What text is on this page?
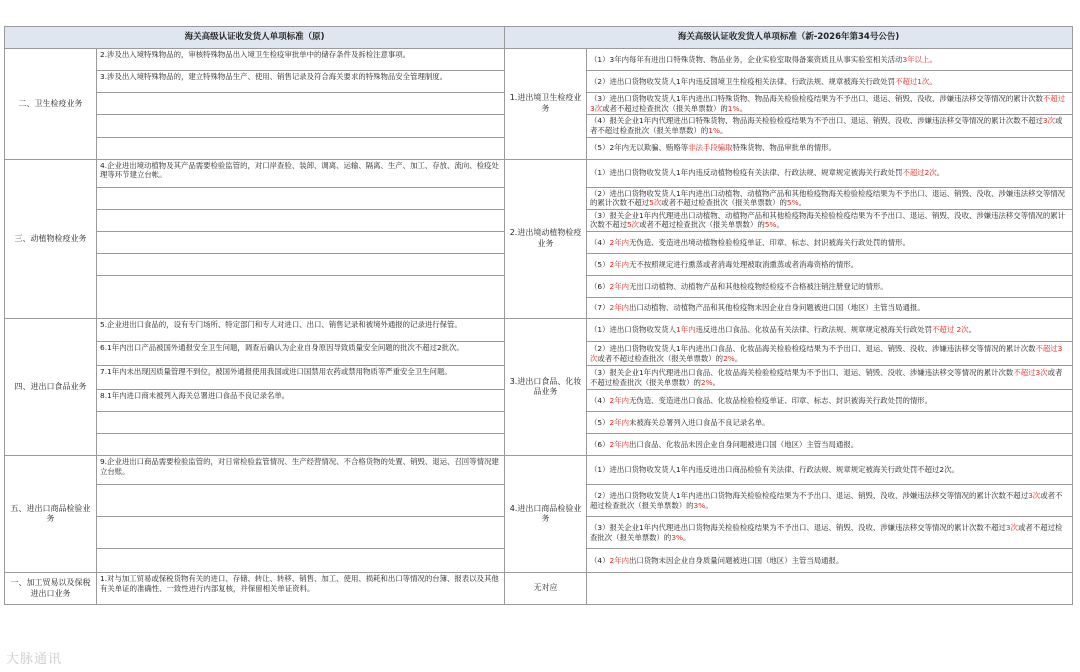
海关高级认证收发货人单项标准（原)		海关高级认证收发货人单项标准（新-2026年第34号公告)	
二、卫生检疫业务	2.涉及出入境特殊物品的，审核特殊物品出入境卫生检疫审批单中的储存条件及拆检注意事项。	1.进出境卫生检疫业务	（1）3年内每年有进出口特殊货物、物品业务，企业实验室取得备案资质且从事实验室相关活动3年以上。
	3.涉及出入境特殊物品的，建立特殊物品生产、使用、销售记录及符合海关要求的特殊物品安全管理制度。		（2）进出口货物收发货人1年内违反国境卫生检疫相关法律、行政法规、规章被海关行政处罚不超过1次。
			（3）进出口货物收发货人1年内进出口特殊货物、物品海关检验检疫结果为不予出口、退运、销毁、没收、涉嫌违法移交等情况的累计次数不超过3次或者不超过检查批次（报关单票数）的1%。
			（4）报关企业1年内代理进出口特殊货物、物品海关检验检疫结果为不予出口、退运、销毁、没收、涉嫌违法移交等情况的累计次数不超过3次或者不超过检查批次（报关单票数）的1%。
			（5）2年内无以欺骗、贿赂等非法手段骗取特殊货物、物品审批单的情形。
三、动植物检疫业务	4.企业进出境动植物及其产品需要检验监管的，对口岸查验、装卸、调离、运输、隔离、生产、加工、存放、流向、检疫处理等环节建立台帐。	2.进出境动植物检疫业务	（1）进出口货物收发货人1年内违反动植物检疫有关法律、行政法规、规章规定被海关行政处罚不超过2次。
			（2）进出口货物收发货人1年内进出口动植物、动植物产品和其他检疫物海关检验检疫结果为不予出口、退运、销毁、没收、涉嫌违法移交等情况的累计次数不超过5次或者不超过检查批次（报关单票数）的5%。
			（3）报关企业1年内代理进出口动植物、动植物产品和其他检疫物海关检验检疫结果为不予出口、退运、销毁、没收、涉嫌违法移交等情况的累计次数不超过5次或者不超过检查批次（报关单票数）的5%。
			（4）2年内无伪造、变造进出境动植物检验检疫单证、印章、标志、封识被海关行政处罚的情形。
			（5）2年内无不按照规定进行熏蒸或者消毒处理被取消熏蒸或者消毒资格的情形。
			（6）2年内无出口动植物、动植物产品和其他检疫物经检疫不合格被注销注册登记的情形。
			（7）2年内出口动植物、动植物产品和其他检疫物未因企业自身问题被进口国（地区）主管当局通报。
四、进出口食品业务	5.企业进出口食品的，设有专门场所、特定部门和专人对进口、出口、销售记录和被境外通报的记录进行保管。	3.进出口食品、化妆品业务	（1）进出口货物收发货人1年内违反进出口食品、化妆品有关法律、行政法规、规章规定被海关行政处罚不超过 2次。
	6.1年内出口产品被国外通报安全卫生问题，调查后确认为企业自身原因导致质量安全问题的批次不超过2批次。		（2）进出口货物收发货人1年内进出口食品、化妆品海关检验检疫结果为不予出口、退运、销毁、没收、涉嫌违法移交等情况的累计次数不超过3次或者不超过检查批次（报关单票数）的2%。
	7.1年内未出现因质量管理不到位，被国外通报使用我国或进口国禁用农药或禁用物质等严重安全卫生问题。		（3）报关企业1年内代理进出口食品、化妆品海关检验检疫结果为不予出口、退运、销毁、没收、涉嫌违法移交等情况的累计次数不超过3次或者不超过检查批次（报关单票数）的2%。
	8.1年内进口商未被列入海关总署进口食品不良记录名单。		（4）2年内无伪造、变造进出口食品、化妆品检验检疫单证、印章、标志、封识被海关行政处罚的情形。
			（5）2年内未被海关总署列入进口食品不良记录名单。
			（6）2年内出口食品、化妆品未因企业自身问题被进口国（地区）主管当局通报。
五、进出口商品检验业务	9.企业进出口商品需要检验监管的，对日常检验监管情况、生产经营情况、不合格货物的处置、销毁、退运、召回等情况建立台账。	4.进出口商品检验业务	（1）进出口货物收发货人1年内违反进出口商品检验有关法律、行政法规、规章规定被海关行政处罚不超过2次。
			（2）进出口货物收发货人1年内进出口货物海关检验检疫结果为不予出口、退运、销毁、没收、涉嫌违法移交等情况的累计次数不超过3次或者不超过检查批次（报关单票数）的3%。
			（3）报关企业1年内代理进出口货物海关检验检疫结果为不予出口、退运、销毁、没收、涉嫌违法移交等情况的累计次数不超过3次或者不超过检查批次（报关单票数）的3%。
			（4）2年内出口货物未因企业自身质量问题被进口国（地区）主管当局通报。
一、加工贸易以及保税进出口业务	1.对与加工贸易或保税货物有关的进口、存储、转让、转移、销售、加工、使用、损耗和出口等情况的台簿、报表以及其他有关单证的准确性、一致性进行内部复核，并保留相关单证资料。	无对应	
大脉通讯
